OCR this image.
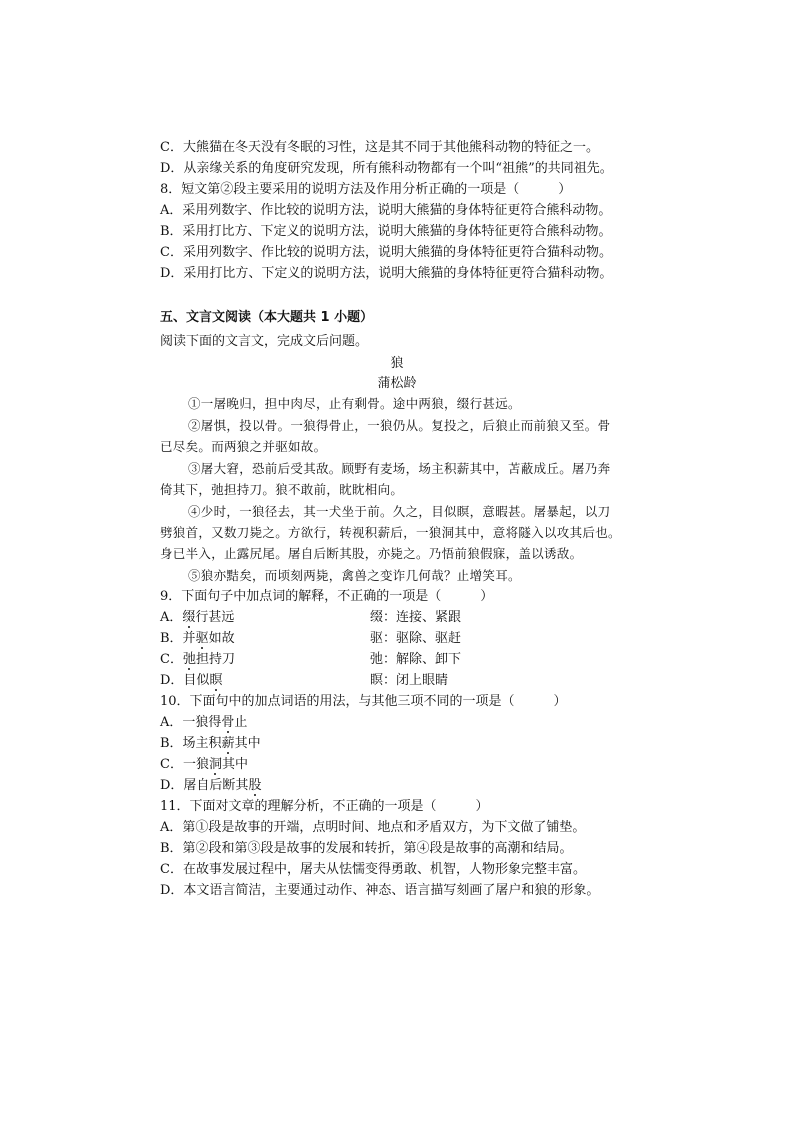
C．大熊猫在冬天没有冬眠的习性，这是其不同于其他熊科动物的特征之一。
D．从亲缘关系的角度研究发现，所有熊科动物都有一个叫“祖熊”的共同祖先。
8．短文第②段主要采用的说明方法及作用分析正确的一项是（　　　）
A．采用列数字、作比较的说明方法，说明大熊猫的身体特征更符合熊科动物。
B．采用打比方、下定义的说明方法，说明大熊猫的身体特征更符合熊科动物。
C．采用列数字、作比较的说明方法，说明大熊猫的身体特征更符合猫科动物。
D．采用打比方、下定义的说明方法，说明大熊猫的身体特征更符合猫科动物。
五、文言文阅读（本大题共 1 小题）
阅读下面的文言文，完成文后问题。
狼
蒲松龄
①一屠晚归，担中肉尽，止有剩骨。途中两狼，缀行甚远。
②屠惧，投以骨。一狼得骨止，一狼仍从。复投之，后狼止而前狼又至。骨
已尽矣。而两狼之并驱如故。
③屠大窘，恐前后受其敌。顾野有麦场，场主积薪其中，苫蔽成丘。屠乃奔
倚其下，弛担持刀。狼不敢前，眈眈相向。
④少时，一狼径去，其一犬坐于前。久之，目似瞑，意暇甚。屠暴起，以刀
劈狼首，又数刀毙之。方欲行，转视积薪后，一狼洞其中，意将隧入以攻其后也。
身已半入，止露尻尾。屠自后断其股，亦毙之。乃悟前狼假寐，盖以诱敌。
⑤狼亦黠矣，而顷刻两毙，禽兽之变诈几何哉？止增笑耳。
9．下面句子中加点词的解释，不正确的一项是（　　　）
A．缀行甚远	缀：连接、紧跟
B．并驱如故	驱：驱除、驱赶
C．弛担持刀	弛：解除、卸下
D．目似瞑	瞑：闭上眼睛
10．下面句中的加点词语的用法，与其他三项不同的一项是（　　　）
A．一狼得骨止
B．场主积薪其中
C．一狼洞其中
D．屠自后断其股
11．下面对文章的理解分析，不正确的一项是（　　　）
A．第①段是故事的开端，点明时间、地点和矛盾双方，为下文做了铺垫。
B．第②段和第③段是故事的发展和转折，第④段是故事的高潮和结局。
C．在故事发展过程中，屠夫从怯懦变得勇敢、机智，人物形象完整丰富。
D．本文语言简洁，主要通过动作、神态、语言描写刻画了屠户和狼的形象。
